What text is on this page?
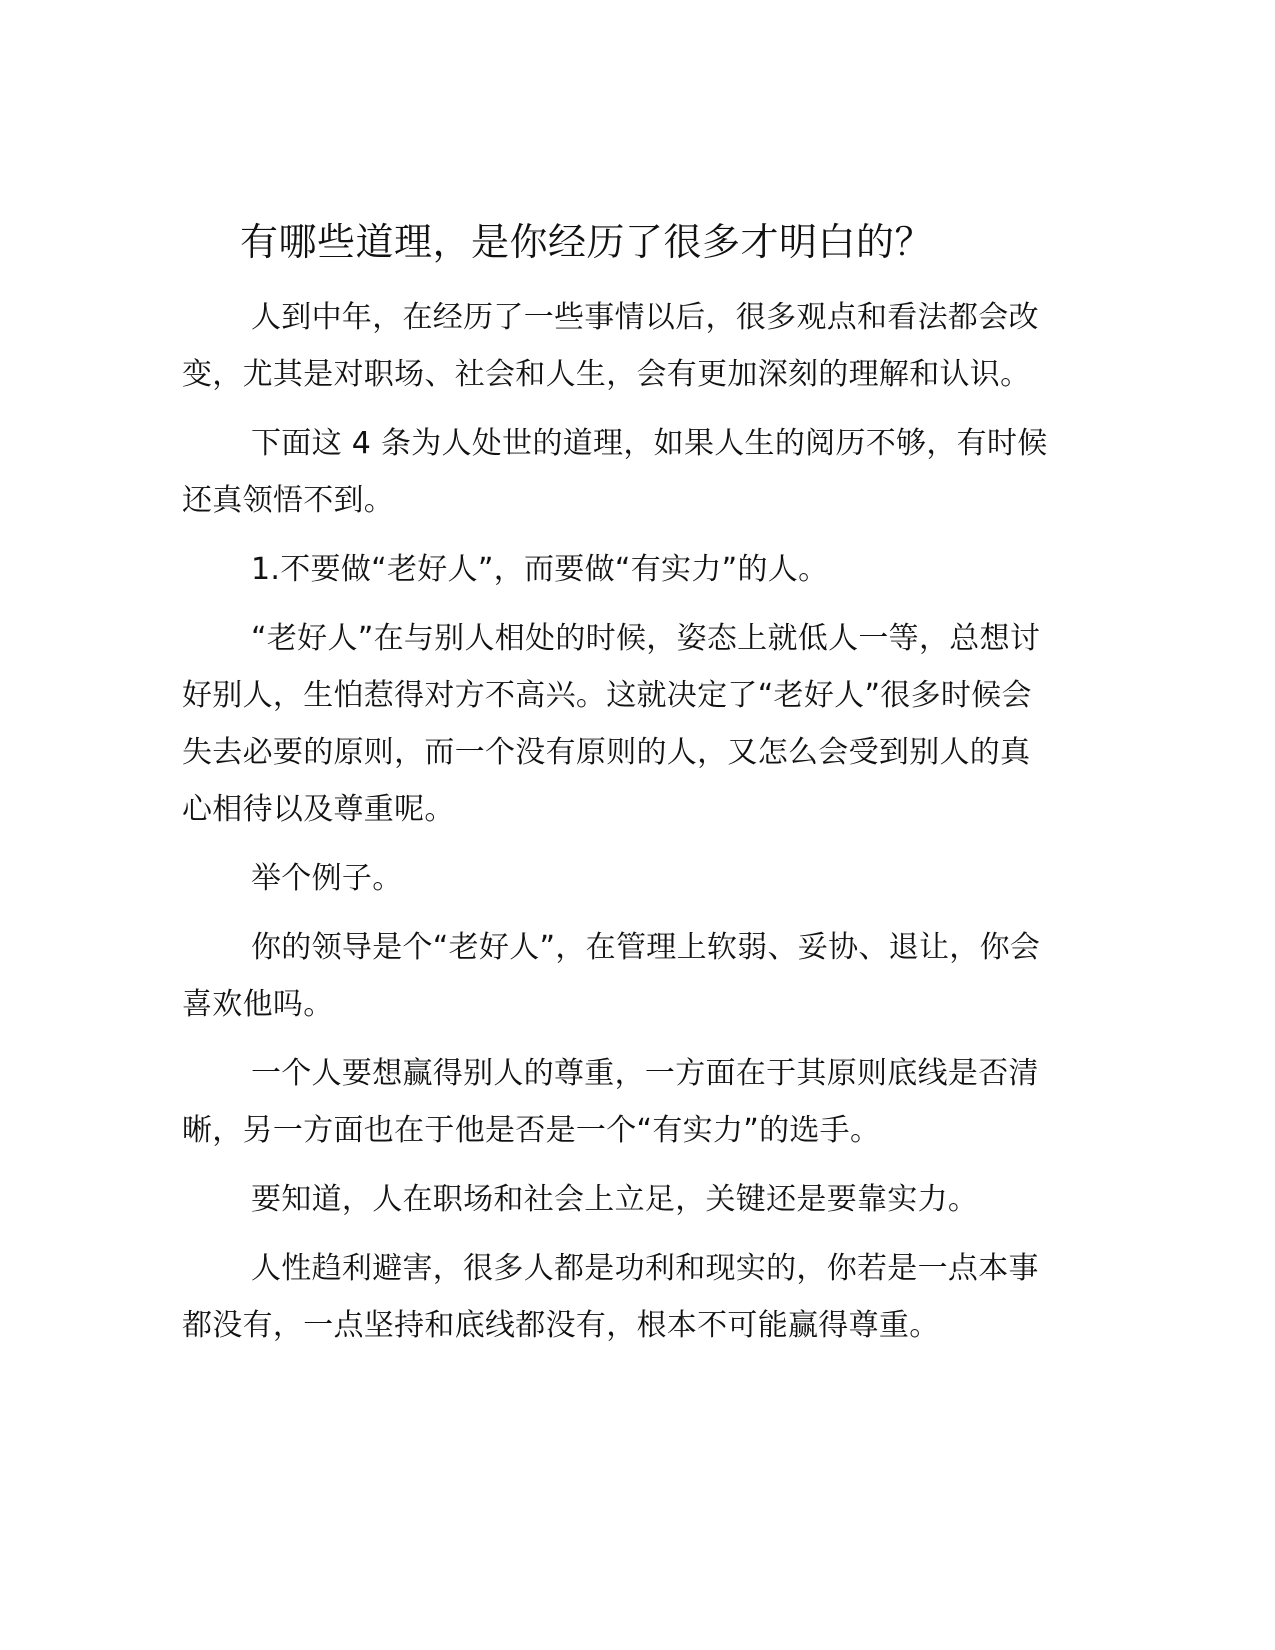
有哪些道理，是你经历了很多才明白的？

人到中年，在经历了一些事情以后，很多观点和看法都会改变，尤其是对职场、社会和人生，会有更加深刻的理解和认识。

下面这 4 条为人处世的道理，如果人生的阅历不够，有时候还真领悟不到。

1.不要做“老好人”，而要做“有实力”的人。

“老好人”在与别人相处的时候，姿态上就低人一等，总想讨好别人，生怕惹得对方不高兴。这就决定了“老好人”很多时候会失去必要的原则，而一个没有原则的人，又怎么会受到别人的真心相待以及尊重呢。

举个例子。

你的领导是个“老好人”，在管理上软弱、妥协、退让，你会喜欢他吗。

一个人要想赢得别人的尊重，一方面在于其原则底线是否清晰，另一方面也在于他是否是一个“有实力”的选手。

要知道，人在职场和社会上立足，关键还是要靠实力。

人性趋利避害，很多人都是功利和现实的，你若是一点本事都没有，一点坚持和底线都没有，根本不可能赢得尊重。
